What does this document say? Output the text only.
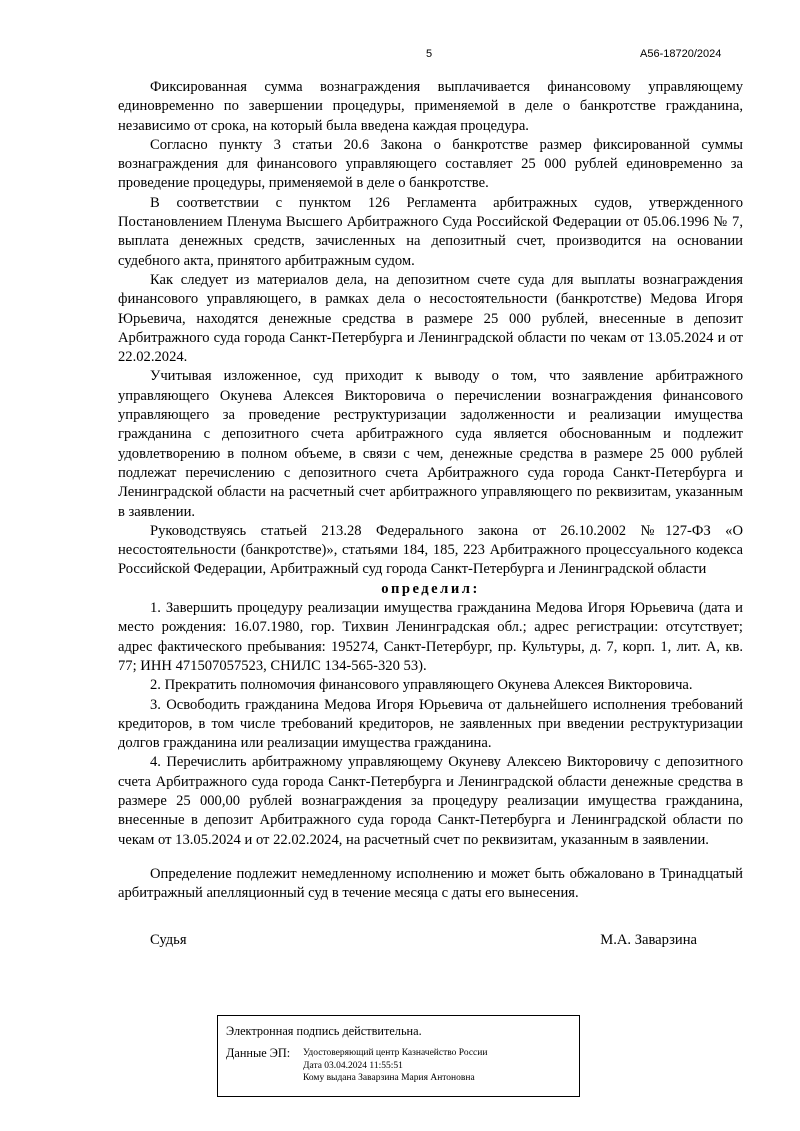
5	А56-18720/2024

Фиксированная сумма вознаграждения выплачивается финансовому управляющему единовременно по завершении процедуры, применяемой в деле о банкротстве гражданина, независимо от срока, на который была введена каждая процедура.

Согласно пункту 3 статьи 20.6 Закона о банкротстве размер фиксированной суммы вознаграждения для финансового управляющего составляет 25 000 рублей единовременно за проведение процедуры, применяемой в деле о банкротстве.

В соответствии с пунктом 126 Регламента арбитражных судов, утвержденного Постановлением Пленума Высшего Арбитражного Суда Российской Федерации от 05.06.1996 № 7, выплата денежных средств, зачисленных на депозитный счет, производится на основании судебного акта, принятого арбитражным судом.

Как следует из материалов дела, на депозитном счете суда для выплаты вознаграждения финансового управляющего, в рамках дела о несостоятельности (банкротстве) Медова Игоря Юрьевича, находятся денежные средства в размере 25 000 рублей, внесенные в депозит Арбитражного суда города Санкт-Петербурга и Ленинградской области по чекам от 13.05.2024 и от 22.02.2024.

Учитывая изложенное, суд приходит к выводу о том, что заявление арбитражного управляющего Окунева Алексея Викторовича о перечислении вознаграждения финансового управляющего за проведение реструктуризации задолженности и реализации имущества гражданина с депозитного счета арбитражного суда является обоснованным и подлежит удовлетворению в полном объеме, в связи с чем, денежные средства в размере 25 000 рублей подлежат перечислению с депозитного счета Арбитражного суда города Санкт-Петербурга и Ленинградской области на расчетный счет арбитражного управляющего по реквизитам, указанным в заявлении.

Руководствуясь статьей 213.28 Федерального закона от 26.10.2002 №127-ФЗ «О несостоятельности (банкротстве)», статьями 184, 185, 223 Арбитражного процессуального кодекса Российской Федерации, Арбитражный суд города Санкт-Петербурга и Ленинградской области

определил:

1. Завершить процедуру реализации имущества гражданина Медова Игоря Юрьевича (дата и место рождения: 16.07.1980, гор. Тихвин Ленинградская обл.; адрес регистрации: отсутствует; адрес фактического пребывания: 195274, Санкт-Петербург, пр. Культуры, д. 7, корп. 1, лит. А, кв. 77; ИНН 471507057523, СНИЛС 134-565-320 53).

2. Прекратить полномочия финансового управляющего Окунева Алексея Викторовича.

3. Освободить гражданина Медова Игоря Юрьевича от дальнейшего исполнения требований кредиторов, в том числе требований кредиторов, не заявленных при введении реструктуризации долгов гражданина или реализации имущества гражданина.

4. Перечислить арбитражному управляющему Окуневу Алексею Викторовичу с депозитного счета Арбитражного суда города Санкт-Петербурга и Ленинградской области денежные средства в размере 25 000,00 рублей вознаграждения за процедуру реализации имущества гражданина, внесенные в депозит Арбитражного суда города Санкт-Петербурга и Ленинградской области по чекам от 13.05.2024 и от 22.02.2024, на расчетный счет по реквизитам, указанным в заявлении.

Определение подлежит немедленному исполнению и может быть обжаловано в Тринадцатый арбитражный апелляционный суд в течение месяца с даты его вынесения.

Судья	М.А. Заварзина
Электронная подпись действительна.
Данные ЭП: Удостоверяющий центр Казначейство России
Дата 03.04.2024 11:55:51
Кому выдана Заварзина Мария Антоновна
